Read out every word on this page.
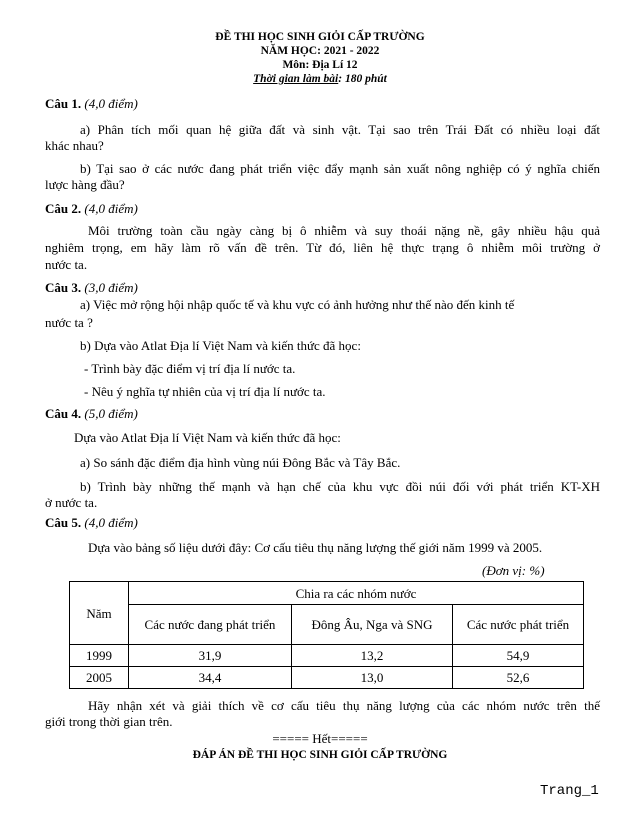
ĐỀ THI HỌC SINH GIỎI CẤP TRƯỜNG
NĂM HỌC: 2021 - 2022
Môn: Địa Lí 12
Thời gian làm bài: 180 phút
Câu 1. (4,0 điểm)
a) Phân tích mối quan hệ giữa đất và sinh vật. Tại sao trên Trái Đất có nhiều loại đất
khác nhau?
b) Tại sao ở các nước đang phát triển việc đẩy mạnh sản xuất nông nghiệp có ý nghĩa chiến
lược hàng đầu?
Câu 2. (4,0 điểm)
Môi trường toàn cầu ngày càng bị ô nhiễm và suy thoái nặng nề, gây nhiều hậu quả
nghiêm trọng, em hãy làm rõ vấn đề trên. Từ đó, liên hệ thực trạng ô nhiễm môi trường ở
nước ta.
Câu 3. (3,0 điểm)
a) Việc mở rộng hội nhập quốc tế và khu vực có ảnh hưởng như thế nào đến kinh tế
nước ta ?
b) Dựa vào Atlat Địa lí Việt Nam và kiến thức đã học:
- Trình bày đặc điểm vị trí địa lí nước ta.
- Nêu ý nghĩa tự nhiên của vị trí địa lí nước ta.
Câu 4. (5,0 điểm)
Dựa vào Atlat Địa lí Việt Nam và kiến thức đã học:
a) So sánh đặc điểm địa hình vùng núi Đông Bắc và Tây Bắc.
b) Trình bày những thế mạnh và hạn chế của khu vực đồi núi đối với phát triển KT-XH
ở nước ta.
Câu 5. (4,0 điểm)
Dựa vào bảng số liệu dưới đây: Cơ cấu tiêu thụ năng lượng thế giới năm 1999 và 2005.
(Đơn vị: %)
Năm	Chia ra các nhóm nước		
	Các nước đang phát triển	Đông Âu, Nga và SNG	Các nước phát triển
1999	31,9	13,2	54,9
2005	34,4	13,0	52,6
Hãy nhận xét và giải thích về cơ cấu tiêu thụ năng lượng của các nhóm nước trên thế
giới trong thời gian trên.
===== Hết=====
ĐÁP ÁN ĐỀ THI HỌC SINH GIỎI CẤP TRƯỜNG
Trang_1
